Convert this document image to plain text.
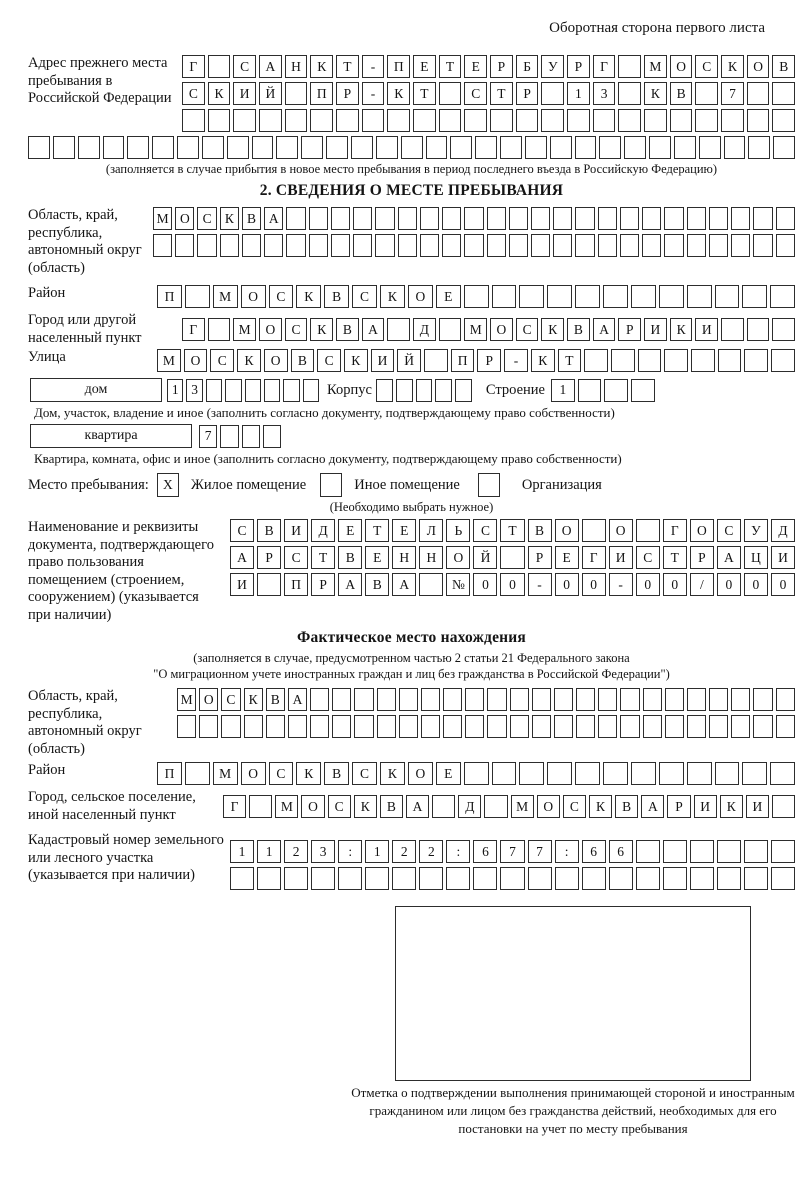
Оборотная сторона первого листа
Адрес прежнего места пребывания в Российской Федерации
Г	С	А	Н	К	Т	-	П	Е	Т	Е	Р	Б	У	Р	Г	М	О	С	К	О	В
С	К	И	Й	П	Р	-	К	Т	С	Т	Р	1	3	К	В	7
(заполняется в случае прибытия в новое место пребывания в период последнего въезда в Российскую Федерацию)
2. СВЕДЕНИЯ О МЕСТЕ ПРЕБЫВАНИЯ
Область, край, республика, автономный округ (область)
М О С К В А
Район	П	М	О	С	К	В	С	К	О	Е
Город или другой населенный пункт
Г	М	О	С	К	В	А	Д	М	О	С	К	В	А	Р	И	К	И
Улица	М	О	С	К	О	В	С	К	И	Й	П	Р	-	К	Т
дом	1 3	Корпус	Строение	1
Дом, участок, владение и иное (заполнить согласно документу, подтверждающему право собственности)
квартира	7
Квартира, комната, офис и иное (заполнить согласно документу, подтверждающему право собственности)
Место пребывания:	X	Жилое помещение	Иное помещение	Организация
(Необходимо выбрать нужное)
Наименование и реквизиты документа, подтверждающего право пользования помещением (строением, сооружением) (указывается при наличии)
С	В	И	Д	Е	Т	Е	Л	Ь	С	Т	В	О	О	Г	О	С	У	Д
А	Р	С	Т	В	Е	Н	Н	О	Й	Р	Е	Г	И	С	Т	Р	А	Ц	И
И	П	Р	А	В	А	№	0	0	-	0	0	-	0	0	/	0	0	0
Фактическое место нахождения
(заполняется в случае, предусмотренном частью 2 статьи 21 Федерального закона
"О миграционном учете иностранных граждан и лиц без гражданства в Российской Федерации")
Область, край, республика, автономный округ (область)
М О С К В А
Район	П	М	О	С	К	В	С	К	О	Е
Город, сельское поселение, иной населенный пункт
Г	М	О	С	К	В	А	Д	М	О	С	К	В	А	Р	И	К	И
Кадастровый номер земельного или лесного участка (указывается при наличии)
1	1	2	3	:	1	2	2	:	6	7	7	:	6	6
Отметка о подтверждении выполнения принимающей стороной и иностранным гражданином или лицом без гражданства действий, необходимых для его постановки на учет по месту пребывания
